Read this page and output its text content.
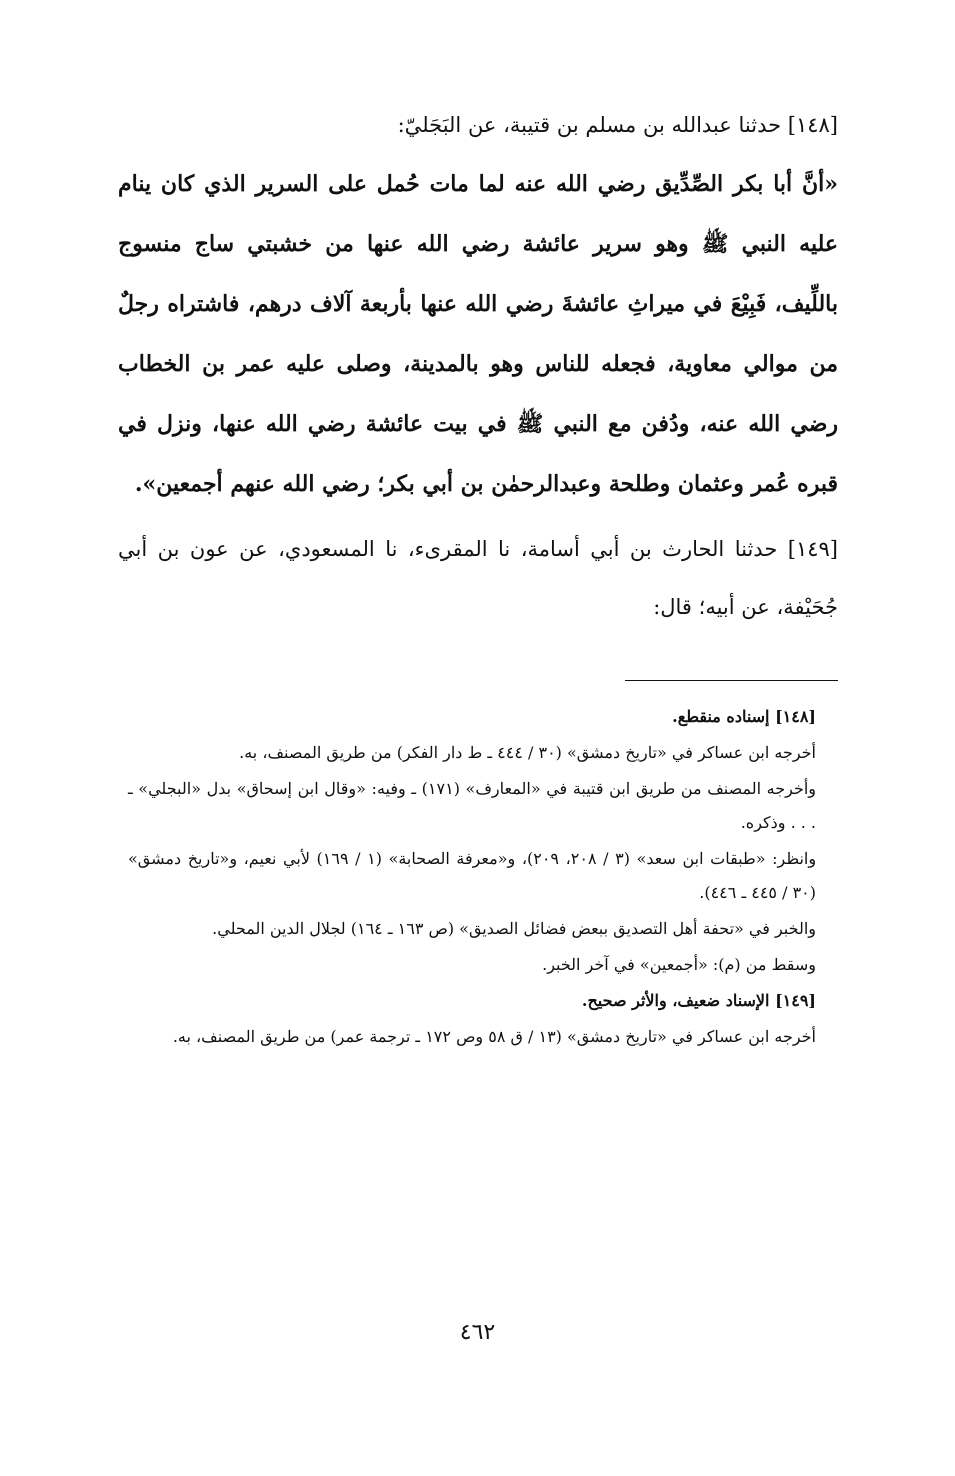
[١٤٨] حدثنا عبدالله بن مسلم بن قتيبة، عن البَجَليّ:

«أنَّ أبا بكر الصِّدِّيق رضي الله عنه لما مات حُمل على السرير الذي كان ينام عليه النبي ﷺ وهو سرير عائشة رضي الله عنها من خشبتي ساج منسوج باللِّيف، فَبِيْعَ في ميراثِ عائشةَ رضي الله عنها بأربعة آلاف درهم، فاشتراه رجلٌ من موالي معاوية، فجعله للناس وهو بالمدينة، وصلى عليه عمر بن الخطاب رضي الله عنه، ودُفن مع النبي ﷺ في بيت عائشة رضي الله عنها، ونزل في قبره عُمر وعثمان وطلحة وعبدالرحمٰن بن أبي بكر؛ رضي الله عنهم أجمعين».

[١٤٩] حدثنا الحارث بن أبي أسامة، نا المقرىء، نا المسعودي، عن عون بن أبي جُحَيْفة، عن أبيه؛ قال:

[١٤٨] إسناده منقطع.

أخرجه ابن عساكر في «تاريخ دمشق» (٣٠ / ٤٤٤ ـ ط دار الفكر) من طريق المصنف، به.

وأخرجه المصنف من طريق ابن قتيبة في «المعارف» (١٧١) ـ وفيه: «وقال ابن إسحاق» بدل «البجلي» ـ . . . وذكره.

وانظر: «طبقات ابن سعد» (٣ / ٢٠٨، ٢٠٩)، و«معرفة الصحابة» (١ / ١٦٩) لأبي نعيم، و«تاريخ دمشق» (٣٠ / ٤٤٥ ـ ٤٤٦).

والخبر في «تحفة أهل التصديق ببعض فضائل الصديق» (ص ١٦٣ ـ ١٦٤) لجلال الدين المحلي.

وسقط من (م): «أجمعين» في آخر الخبر.

[١٤٩] الإسناد ضعيف، والأثر صحيح.

أخرجه ابن عساكر في «تاريخ دمشق» (١٣ / ق ٥٨ وص ١٧٢ ـ ترجمة عمر) من طريق المصنف، به.

٤٦٢
